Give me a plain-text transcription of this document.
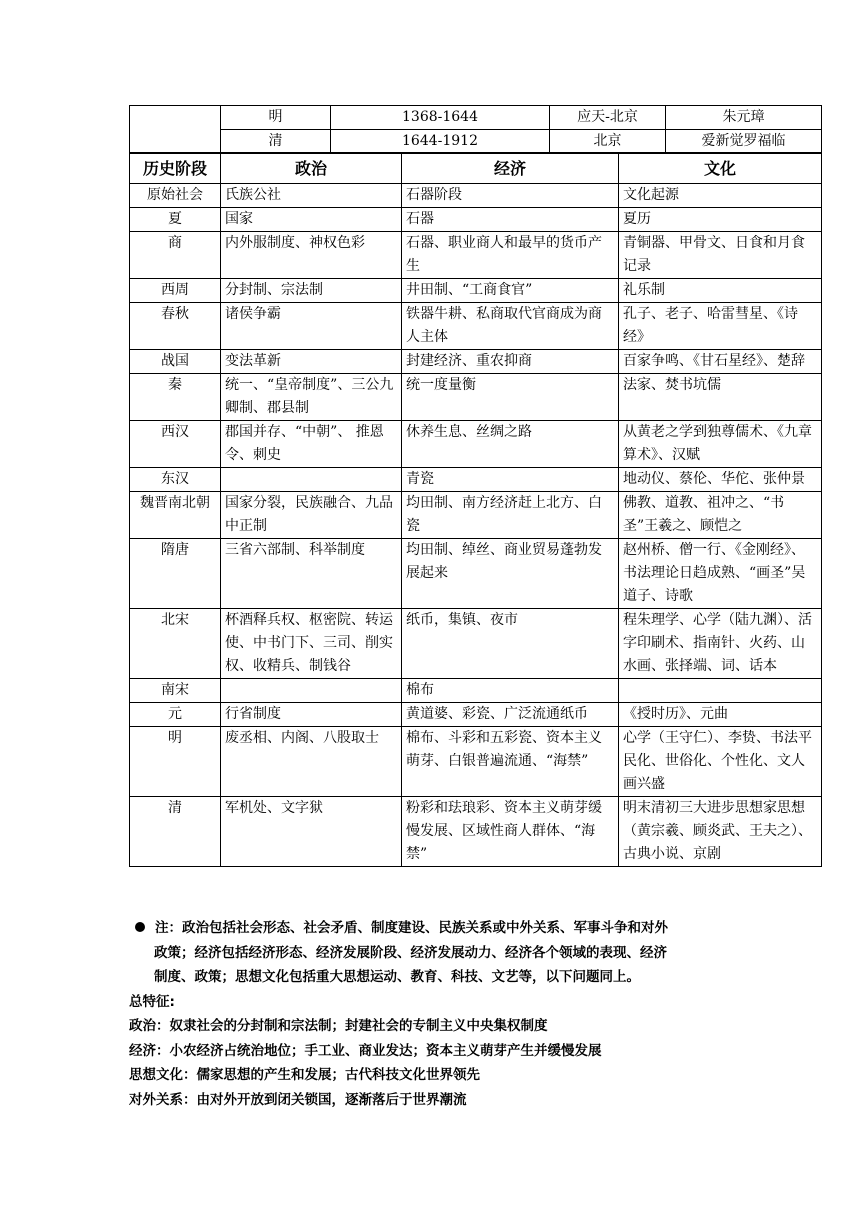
	明	1368-1644	应天-北京	朱元璋
	清	1644-1912	北京	爱新觉罗福临
历史阶段	政治	经济	文化
原始社会	氏族公社	石器阶段	文化起源
夏	国家	石器	夏历
商	内外服制度、神权色彩	石器、职业商人和最早的货币产生	青铜器、甲骨文、日食和月食记录
西周	分封制、宗法制	井田制、“工商食官”	礼乐制
春秋	诸侯争霸	铁器牛耕、私商取代官商成为商人主体	孔子、老子、哈雷彗星、《诗经》
战国	变法革新	封建经济、重农抑商	百家争鸣、《甘石星经》、楚辞
秦	统一、“皇帝制度”、三公九卿制、郡县制	统一度量衡	法家、焚书坑儒
西汉	郡国并存、“中朝”、 推恩令、刺史	休养生息、丝绸之路	从黄老之学到独尊儒术、《九章算术》、汉赋
东汉		青瓷	地动仪、蔡伦、华佗、张仲景
魏晋南北朝	国家分裂，民族融合、九品中正制	均田制、南方经济赶上北方、白瓷	佛教、道教、祖冲之、“书圣”王羲之、顾恺之
隋唐	三省六部制、科举制度	均田制、绰丝、商业贸易蓬勃发展起来	赵州桥、僧一行、《金刚经》、书法理论日趋成熟、“画圣”吴道子、诗歌
北宋	杯酒释兵权、枢密院、转运使、中书门下、三司、削实权、收精兵、制钱谷	纸币，集镇、夜市	程朱理学、心学（陆九渊）、活字印刷术、指南针、火药、山水画、张择端、词、话本
南宋		棉布	
元	行省制度	黄道婆、彩瓷、广泛流通纸币	《授时历》、元曲
明	废丞相、内阁、八股取士	棉布、斗彩和五彩瓷、资本主义萌芽、白银普遍流通、“海禁”	心学（王守仁）、李贽、书法平民化、世俗化、个性化、文人画兴盛
清	军机处、文字狱	粉彩和珐琅彩、资本主义萌芽缓慢发展、区域性商人群体、“海禁”	明末清初三大进步思想家思想（黄宗羲、顾炎武、王夫之）、古典小说、京剧
注：政治包括社会形态、社会矛盾、制度建设、民族关系或中外关系、军事斗争和对外
政策；经济包括经济形态、经济发展阶段、经济发展动力、经济各个领域的表现、经济
制度、政策；思想文化包括重大思想运动、教育、科技、文艺等，以下问题同上。
总特征:
政治：奴隶社会的分封制和宗法制；封建社会的专制主义中央集权制度
经济：小农经济占统治地位；手工业、商业发达；资本主义萌芽产生并缓慢发展
思想文化：儒家思想的产生和发展；古代科技文化世界领先
对外关系：由对外开放到闭关锁国，逐渐落后于世界潮流
